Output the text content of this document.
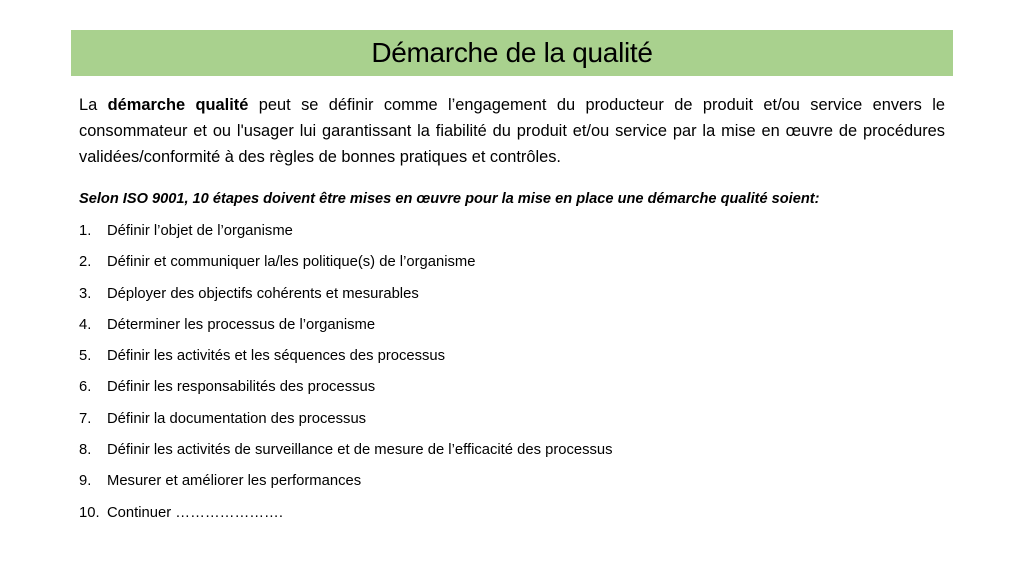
Démarche de la qualité

La démarche qualité peut se définir comme l’engagement du producteur de produit et/ou service envers le consommateur et ou l'usager lui garantissant la fiabilité du produit et/ou service par la mise en œuvre de procédures validées/conformité à des règles de bonnes pratiques et contrôles.

Selon ISO 9001, 10 étapes doivent être mises en œuvre pour la mise en place une démarche qualité soient:

1.	Définir l’objet de l’organisme
2.	Définir et communiquer la/les politique(s) de l’organisme
3.	Déployer des objectifs cohérents et mesurables
4.	Déterminer les processus de l’organisme
5.	Définir les activités et les séquences des processus
6.	Définir les responsabilités des processus
7.	Définir la documentation des processus
8.	Définir les activités de surveillance et de mesure de l’efficacité des processus
9.	Mesurer et améliorer les performances
10. Continuer ………………….
